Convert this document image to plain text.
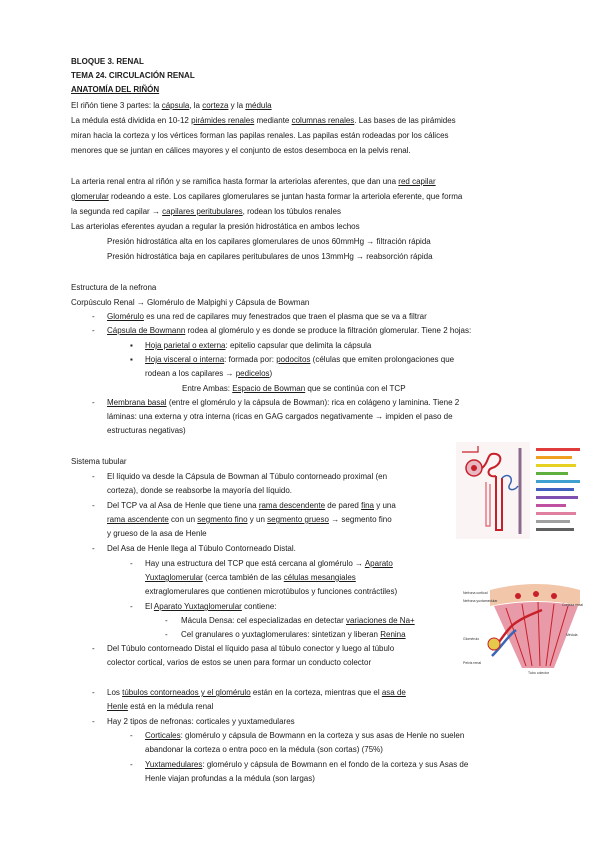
BLOQUE 3. RENAL
TEMA 24. CIRCULACIÓN RENAL
ANATOMÍA DEL RIÑÓN
El riñón tiene 3 partes: la cápsula, la corteza y la médula
La médula está dividida en 10-12 pirámides renales mediante columnas renales. Las bases de las pirámides
miran hacia la corteza y los vértices forman las papilas renales. Las papilas están rodeadas por los cálices
menores que se juntan en cálices mayores y el conjunto de estos desemboca en la pelvis renal.
La arteria renal entra al riñón y se ramifica hasta formar la arteriolas aferentes, que dan una red capilar
glomerular rodeando a este. Los capilares glomerulares se juntan hasta formar la arteriola eferente, que forma
la segunda red capilar → capilares peritubulares, rodean los túbulos renales
Las arteriolas eferentes ayudan a regular la presión hidrostática en ambos lechos
Presión hidrostática alta en los capilares glomerulares de unos 60mmHg → filtración rápida
Presión hidrostática baja en capilares peritubulares de unos 13mmHg → reabsorción rápida
Estructura de la nefrona
Corpúsculo Renal → Glomérulo de Malpighi y Cápsula de Bowman
-	Glomérulo es una red de capilares muy fenestrados que traen el plasma que se va a filtrar
-	Cápsula de Bowmann rodea al glomérulo y es donde se produce la filtración glomerular. Tiene 2 hojas:
▪	Hoja parietal o externa: epitelio capsular que delimita la cápsula
▪	Hoja visceral o interna: formada por: podocitos (células que emiten prolongaciones que
rodean a los capilares → pedicelos)
Entre Ambas: Espacio de Bowman que se continúa con el TCP
-	Membrana basal (entre el glomérulo y la cápsula de Bowman): rica en colágeno y laminina. Tiene 2
láminas: una externa y otra interna (ricas en GAG cargados negativamente → impiden el paso de
estructuras negativas)
Sistema tubular
-	El líquido va desde la Cápsula de Bowman al Túbulo contorneado proximal (en
corteza), donde se reabsorbe la mayoría del líquido.
-	Del TCP va al Asa de Henle que tiene una rama descendente de pared fina y una
rama ascendente con un segmento fino y un segmento grueso → segmento fino
y grueso de la asa de Henle
-	Del Asa de Henle llega al Túbulo Contorneado Distal.
-	Hay una estructura del TCP que está cercana al glomérulo → Aparato
Yuxtaglomerular (cerca también de las células mesangiales
extraglomerulares que contienen microtúbulos y funciones contráctiles)
-	El Aparato Yuxtaglomerular contiene:
-	Mácula Densa: cel especializadas en detectar variaciones de Na+
-	Cel granulares o yuxtaglomerulares: sintetizan y liberan Renina
-	Del Túbulo contorneado Distal el líquido pasa al túbulo conector y luego al túbulo
colector cortical, varios de estos se unen para formar un conducto colector
-	Los túbulos contorneados y el glomérulo están en la corteza, mientras que el asa de
Henle está en la médula renal
-	Hay 2 tipos de nefronas: corticales y yuxtamedulares
-	Corticales: glomérulo y cápsula de Bowmann en la corteza y sus asas de Henle no suelen
abandonar la corteza o entra poco en la médula (son cortas) (75%)
-	Yuxtamedulares: glomérulo y cápsula de Bowmann en el fondo de la corteza y sus Asas de
Henle viajan profundas a la médula (son largas)
Nefrona cortical
Nefrona yuxtamedular
Corteza renal
Médula
Tubo colector
Glomérulo
Pelvis renal
